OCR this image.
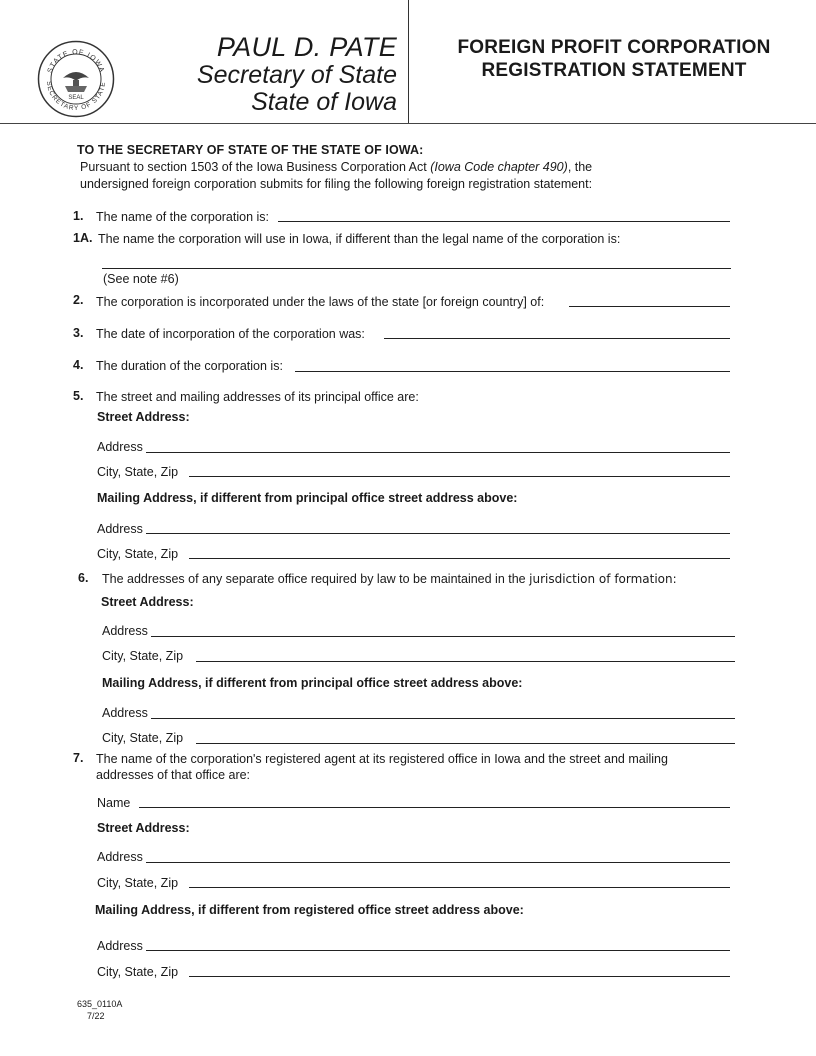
STATE OF IOWA
SECRETARY OF STATE
SEAL
PAUL D. PATE
Secretary of State
State of Iowa
FOREIGN PROFIT CORPORATION
REGISTRATION STATEMENT
TO THE SECRETARY OF STATE OF THE STATE OF IOWA:
Pursuant to section 1503 of the Iowa Business Corporation Act (Iowa Code chapter 490), the
undersigned foreign corporation submits for filing the following foreign registration statement:
1. The name of the corporation is:
1A. The name the corporation will use in Iowa, if different than the legal name of the corporation is:
(See note #6)
2. The corporation is incorporated under the laws of the state [or foreign country] of:
3. The date of incorporation of the corporation was:
4. The duration of the corporation is:
5. The street and mailing addresses of its principal office are:
Street Address:
Address
City, State, Zip
Mailing Address, if different from principal office street address above:
Address
City, State, Zip
6. The addresses of any separate office required by law to be maintained in the jurisdiction of formation:
Street Address:
Address
City, State, Zip
Mailing Address, if different from principal office street address above:
Address
City, State, Zip
7. The name of the corporation's registered agent at its registered office in Iowa and the street and mailing
addresses of that office are:
Name
Street Address:
Address
City, State, Zip
Mailing Address, if different from registered office street address above:
Address
City, State, Zip
635_0110A
7/22
